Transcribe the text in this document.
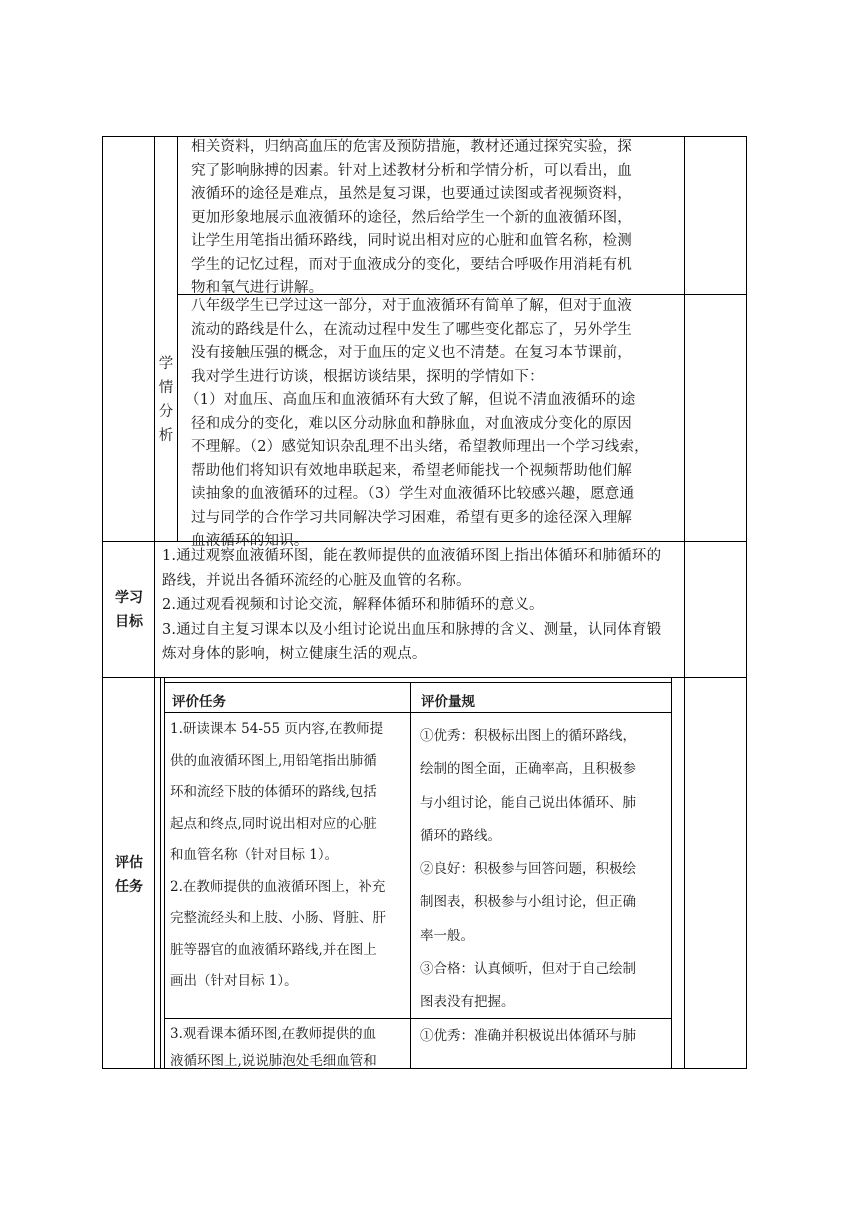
相关资料，归纳高血压的危害及预防措施，教材还通过探究实验，探
究了影响脉搏的因素。针对上述教材分析和学情分析，可以看出，血
液循环的途径是难点，虽然是复习课，也要通过读图或者视频资料，
更加形象地展示血液循环的途径，然后给学生一个新的血液循环图，
让学生用笔指出循环路线，同时说出相对应的心脏和血管名称，检测
学生的记忆过程，而对于血液成分的变化，要结合呼吸作用消耗有机
物和氧气进行讲解。
学情分析
八年级学生已学过这一部分，对于血液循环有简单了解，但对于血液
流动的路线是什么，在流动过程中发生了哪些变化都忘了，另外学生
没有接触压强的概念，对于血压的定义也不清楚。在复习本节课前，
我对学生进行访谈，根据访谈结果，探明的学情如下：
（1）对血压、高血压和血液循环有大致了解，但说不清血液循环的途
径和成分的变化，难以区分动脉血和静脉血，对血液成分变化的原因
不理解。（2）感觉知识杂乱理不出头绪，希望教师理出一个学习线索，
帮助他们将知识有效地串联起来，希望老师能找一个视频帮助他们解
读抽象的血液循环的过程。（3）学生对血液循环比较感兴趣，愿意通
过与同学的合作学习共同解决学习困难，希望有更多的途径深入理解
血液循环的知识。
学习
目标
1.通过观察血液循环图，能在教师提供的血液循环图上指出体循环和肺循环的
路线，并说出各循环流经的心脏及血管的名称。
2.通过观看视频和讨论交流，解释体循环和肺循环的意义。
3.通过自主复习课本以及小组讨论说出血压和脉搏的含义、测量，认同体育锻
炼对身体的影响，树立健康生活的观点。
评估
任务
评价任务	评价量规
1.研读课本 54-55 页内容,在教师提
供的血液循环图上,用铅笔指出肺循
环和流经下肢的体循环的路线,包括
起点和终点,同时说出相对应的心脏
和血管名称（针对目标 1）。
2.在教师提供的血液循环图上，补充
完整流经头和上肢、小肠、肾脏、肝
脏等器官的血液循环路线,并在图上
画出（针对目标 1）。
①优秀：积极标出图上的循环路线，
绘制的图全面，正确率高，且积极参
与小组讨论，能自己说出体循环、肺
循环的路线。
②良好：积极参与回答问题，积极绘
制图表，积极参与小组讨论，但正确
率一般。
③合格：认真倾听，但对于自己绘制
图表没有把握。
3.观看课本循环图,在教师提供的血
液循环图上,说说肺泡处毛细血管和
①优秀：准确并积极说出体循环与肺
